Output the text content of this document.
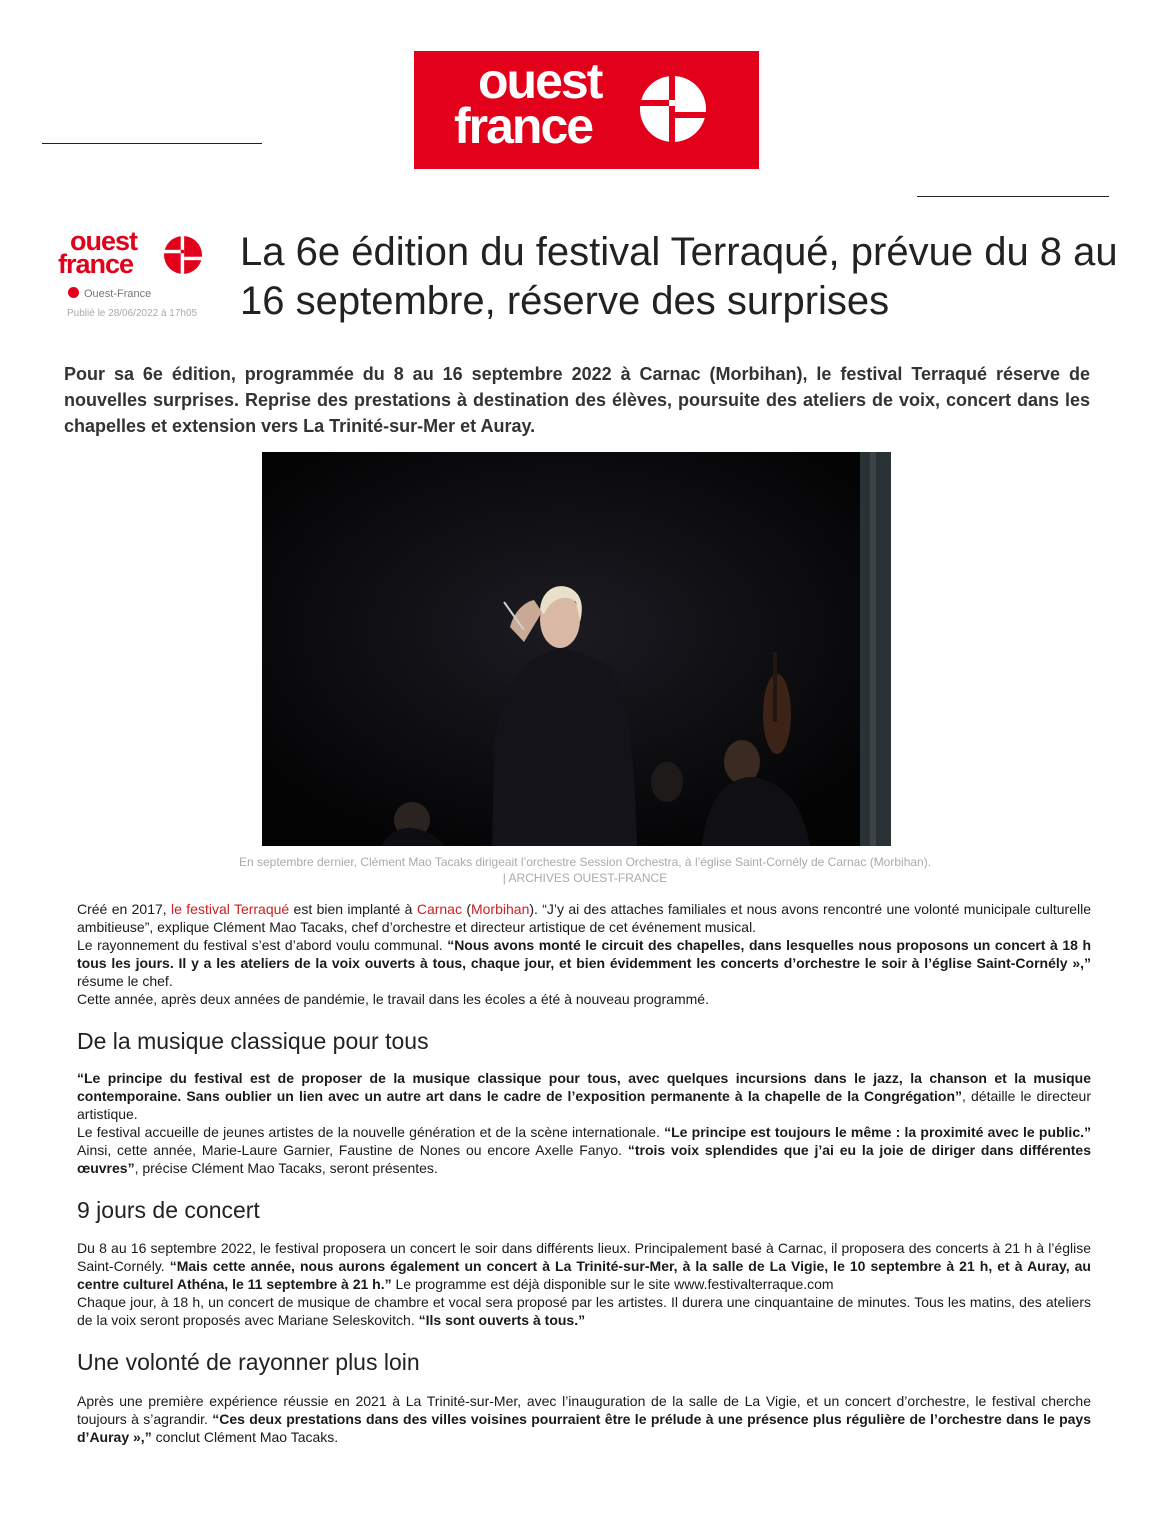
ouest
france
ouest
france
Ouest-France
Publié le 28/06/2022 à 17h05
La 6e édition du festival Terraqué, prévue du 8 au 16 septembre, réserve des surprises

Pour sa 6e édition, programmée du 8 au 16 septembre 2022 à Carnac (Morbihan), le festival Terraqué réserve de nouvelles surprises. Reprise des prestations à destination des élèves, poursuite des ateliers de voix, concert dans les chapelles et extension vers La Trinité-sur-Mer et Auray.

En septembre dernier, Clément Mao Tacaks dirigeait l’orchestre Session Orchestra, à l’église Saint-Cornély de Carnac (Morbihan).
| ARCHIVES OUEST-FRANCE

Créé en 2017, le festival Terraqué est bien implanté à Carnac (Morbihan). “J’y ai des attaches familiales et nous avons rencontré une volonté municipale culturelle ambitieuse”, explique Clément Mao Tacaks, chef d’orchestre et directeur artistique de cet événement musical.

Le rayonnement du festival s’est d’abord voulu communal. “Nous avons monté le circuit des chapelles, dans lesquelles nous proposons un concert à 18 h tous les jours. Il y a les ateliers de la voix ouverts à tous, chaque jour, et bien évidemment les concerts d’orchestre le soir à l’église Saint-Cornély »,” résume le chef.

Cette année, après deux années de pandémie, le travail dans les écoles a été à nouveau programmé.

De la musique classique pour tous

“Le principe du festival est de proposer de la musique classique pour tous, avec quelques incursions dans le jazz, la chanson et la musique contemporaine. Sans oublier un lien avec un autre art dans le cadre de l’exposition permanente à la chapelle de la Congrégation”, détaille le directeur artistique.

Le festival accueille de jeunes artistes de la nouvelle génération et de la scène internationale. “Le principe est toujours le même : la proximité avec le public.” Ainsi, cette année, Marie-Laure Garnier, Faustine de Nones ou encore Axelle Fanyo. “trois voix splendides que j’ai eu la joie de diriger dans différentes œuvres”, précise Clément Mao Tacaks, seront présentes.

9 jours de concert

Du 8 au 16 septembre 2022, le festival proposera un concert le soir dans différents lieux. Principalement basé à Carnac, il proposera des concerts à 21 h à l’église Saint-Cornély. “Mais cette année, nous aurons également un concert à La Trinité-sur-Mer, à la salle de La Vigie, le 10 septembre à 21 h, et à Auray, au centre culturel Athéna, le 11 septembre à 21 h.” Le programme est déjà disponible sur le site www.festivalterraque.com

Chaque jour, à 18 h, un concert de musique de chambre et vocal sera proposé par les artistes. Il durera une cinquantaine de minutes. Tous les matins, des ateliers de la voix seront proposés avec Mariane Seleskovitch. “Ils sont ouverts à tous.”

Une volonté de rayonner plus loin

Après une première expérience réussie en 2021 à La Trinité-sur-Mer, avec l’inauguration de la salle de La Vigie, et un concert d’orchestre, le festival cherche toujours à s’agrandir. “Ces deux prestations dans des villes voisines pourraient être le prélude à une présence plus régulière de l’orchestre dans le pays d’Auray »,” conclut Clément Mao Tacaks.
